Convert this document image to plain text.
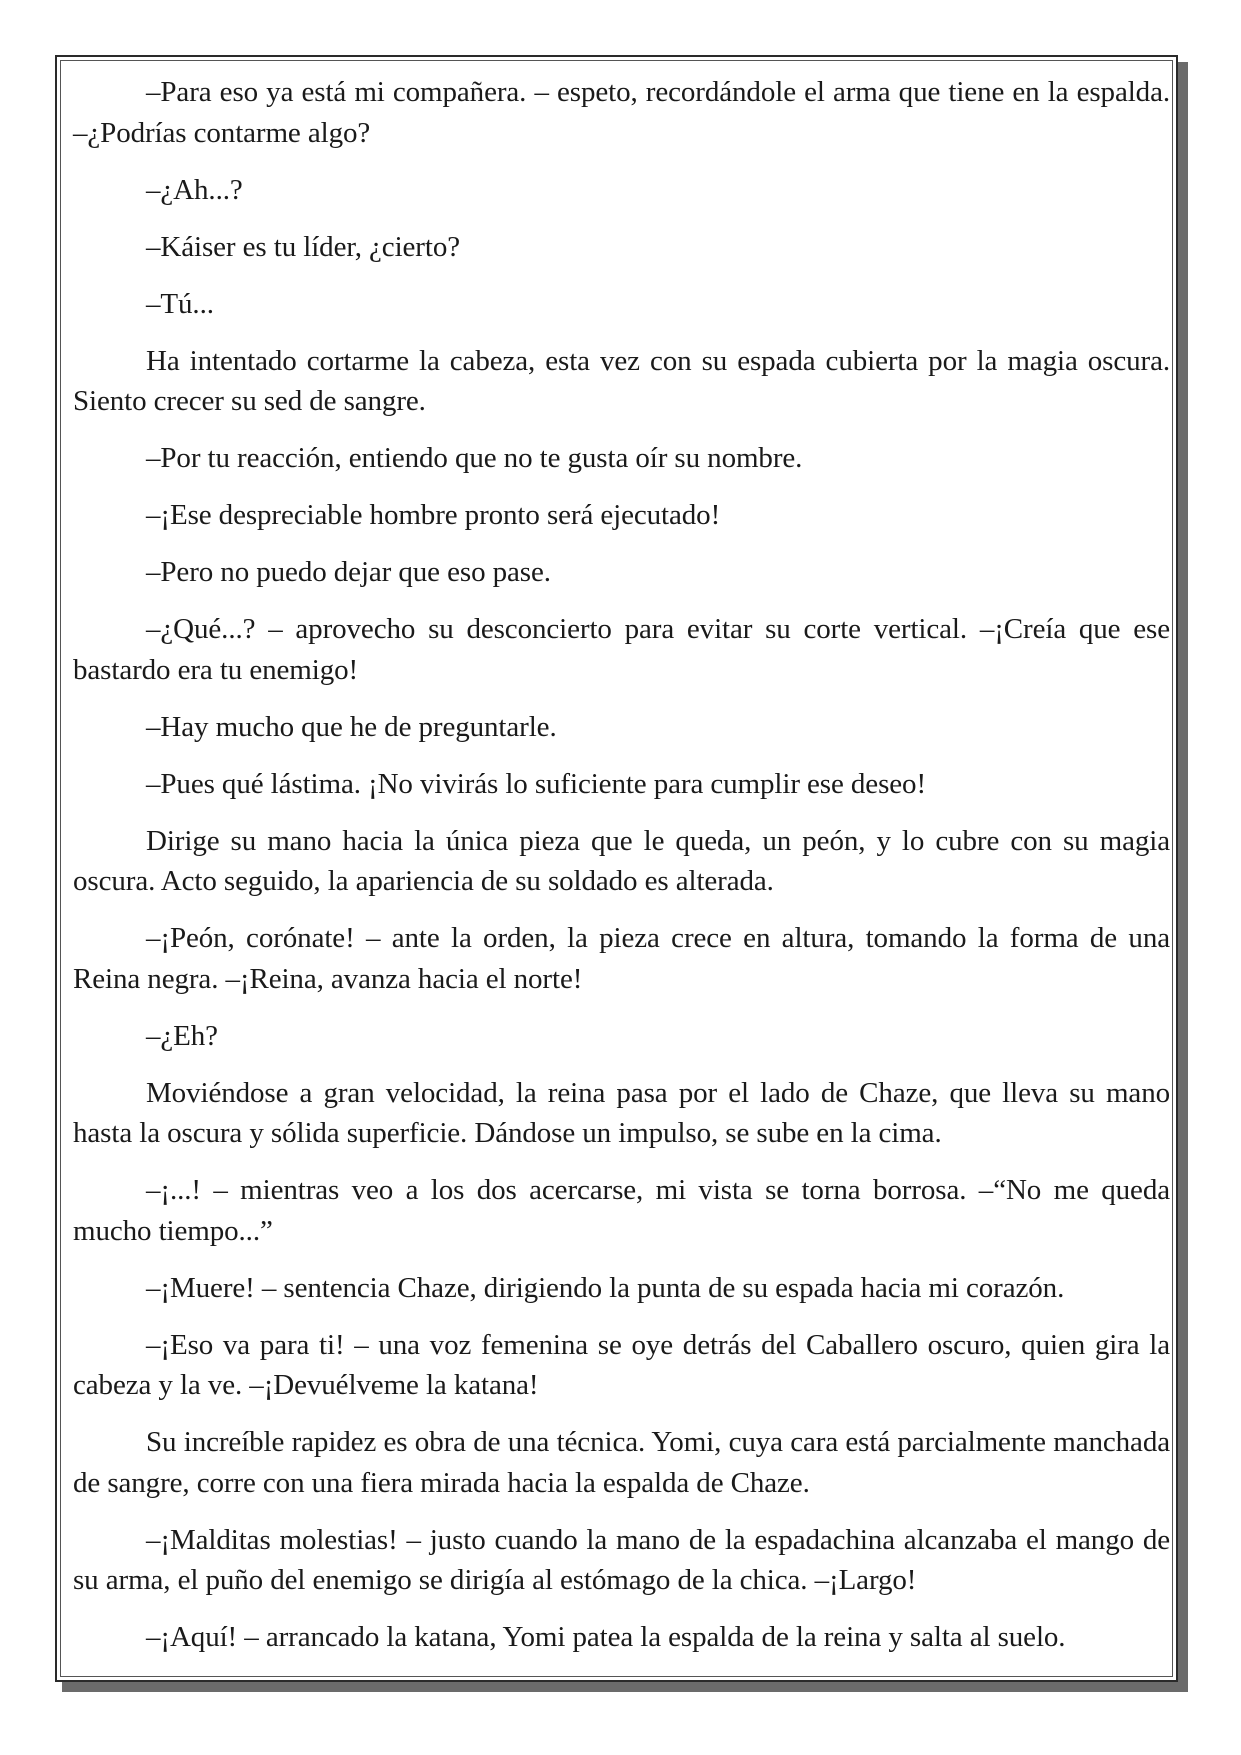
–Para eso ya está mi compañera. – espeto, recordándole el arma que tiene en la espalda. –¿Podrías contarme algo?

–¿Ah...?

–Káiser es tu líder, ¿cierto?

–Tú...

Ha intentado cortarme la cabeza, esta vez con su espada cubierta por la magia oscura. Siento crecer su sed de sangre.

–Por tu reacción, entiendo que no te gusta oír su nombre.

–¡Ese despreciable hombre pronto será ejecutado!

–Pero no puedo dejar que eso pase.

–¿Qué...? – aprovecho su desconcierto para evitar su corte vertical. –¡Creía que ese bastardo era tu enemigo!

–Hay mucho que he de preguntarle.

–Pues qué lástima. ¡No vivirás lo suficiente para cumplir ese deseo!

Dirige su mano hacia la única pieza que le queda, un peón, y lo cubre con su magia oscura. Acto seguido, la apariencia de su soldado es alterada.

–¡Peón, corónate! – ante la orden, la pieza crece en altura, tomando la forma de una Reina negra. –¡Reina, avanza hacia el norte!

–¿Eh?

Moviéndose a gran velocidad, la reina pasa por el lado de Chaze, que lleva su mano hasta la oscura y sólida superficie. Dándose un impulso, se sube en la cima.

–¡...! – mientras veo a los dos acercarse, mi vista se torna borrosa. –“No me queda mucho tiempo...”

–¡Muere! – sentencia Chaze, dirigiendo la punta de su espada hacia mi corazón.

–¡Eso va para ti! – una voz femenina se oye detrás del Caballero oscuro, quien gira la cabeza y la ve. –¡Devuélveme la katana!

Su increíble rapidez es obra de una técnica. Yomi, cuya cara está parcialmente manchada de sangre, corre con una fiera mirada hacia la espalda de Chaze.

–¡Malditas molestias! – justo cuando la mano de la espadachina alcanzaba el mango de su arma, el puño del enemigo se dirigía al estómago de la chica. –¡Largo!

–¡Aquí! – arrancado la katana, Yomi patea la espalda de la reina y salta al suelo.
